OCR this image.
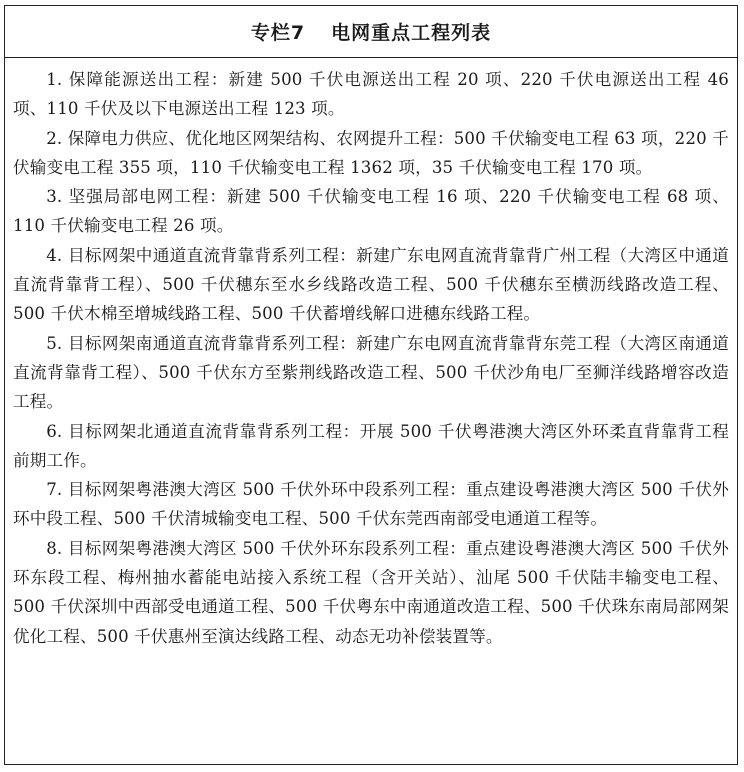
专栏7 电网重点工程列表

1. 保障能源送出工程：新建 500 千伏电源送出工程 20 项、220 千伏电源送出工程 46 项、110 千伏及以下电源送出工程 123 项。

2. 保障电力供应、优化地区网架结构、农网提升工程：500 千伏输变电工程 63 项，220 千伏输变电工程 355 项，110 千伏输变电工程 1362 项，35 千伏输变电工程 170 项。

3. 坚强局部电网工程：新建 500 千伏输变电工程 16 项、220 千伏输变电工程 68 项、110 千伏输变电工程 26 项。

4. 目标网架中通道直流背靠背系列工程：新建广东电网直流背靠背广州工程（大湾区中通道直流背靠背工程）、500 千伏穗东至水乡线路改造工程、500 千伏穗东至横沥线路改造工程、500 千伏木棉至增城线路工程、500 千伏蓄增线解口进穗东线路工程。

5. 目标网架南通道直流背靠背系列工程：新建广东电网直流背靠背东莞工程（大湾区南通道直流背靠背工程）、500 千伏东方至紫荆线路改造工程、500 千伏沙角电厂至狮洋线路增容改造工程。

6. 目标网架北通道直流背靠背系列工程：开展 500 千伏粤港澳大湾区外环柔直背靠背工程前期工作。

7. 目标网架粤港澳大湾区 500 千伏外环中段系列工程：重点建设粤港澳大湾区 500 千伏外环中段工程、500 千伏清城输变电工程、500 千伏东莞西南部受电通道工程等。

8. 目标网架粤港澳大湾区 500 千伏外环东段系列工程：重点建设粤港澳大湾区 500 千伏外环东段工程、梅州抽水蓄能电站接入系统工程（含开关站）、汕尾 500 千伏陆丰输变电工程、500 千伏深圳中西部受电通道工程、500 千伏粤东中南通道改造工程、500 千伏珠东南局部网架优化工程、500 千伏惠州至演达线路工程、动态无功补偿装置等。
